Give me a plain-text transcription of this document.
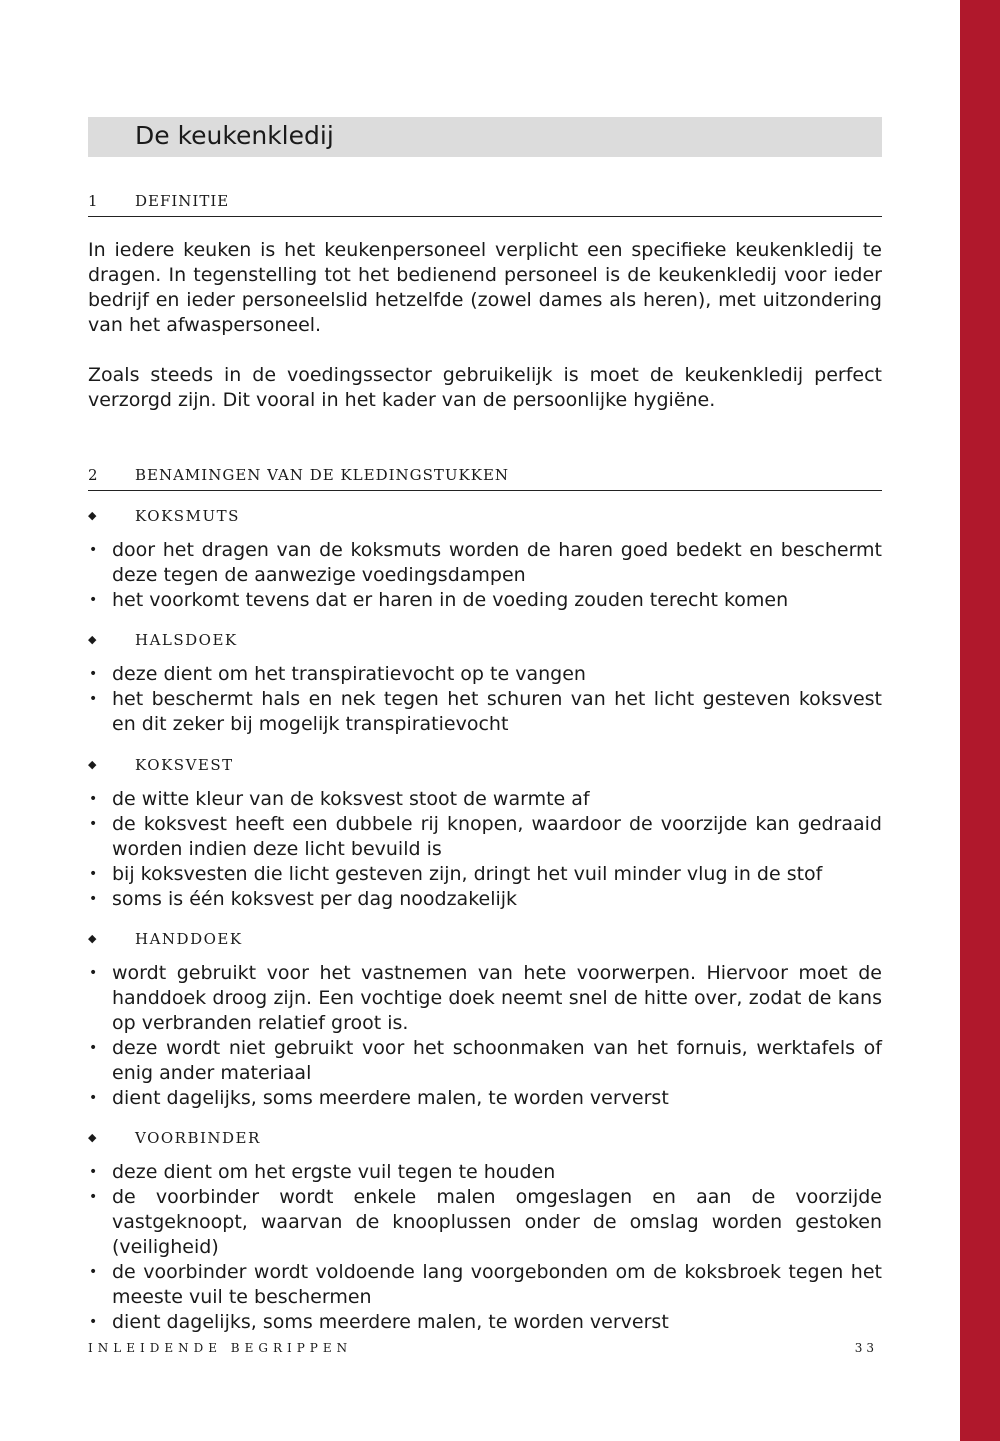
De keukenkledij
1 DEFINITIE

In iedere keuken is het keukenpersoneel verplicht een specifieke keukenkledij te dragen. In tegenstelling tot het bedienend personeel is de keukenkledij voor ieder bedrijf en ieder personeelslid hetzelfde (zowel dames als heren), met uitzondering van het afwaspersoneel.

Zoals steeds in de voedingssector gebruikelijk is moet de keukenkledij perfect verzorgd zijn. Dit vooral in het kader van de persoonlijke hygiëne.

2 BENAMINGEN VAN DE KLEDINGSTUKKEN
◆ KOKSMUTS
• door het dragen van de koksmuts worden de haren goed bedekt en beschermt deze tegen de aanwezige voedingsdampen
• het voorkomt tevens dat er haren in de voeding zouden terecht komen
◆ HALSDOEK
• deze dient om het transpiratievocht op te vangen
• het beschermt hals en nek tegen het schuren van het licht gesteven koksvest en dit zeker bij mogelijk transpiratievocht
◆ KOKSVEST
• de witte kleur van de koksvest stoot de warmte af
• de koksvest heeft een dubbele rij knopen, waardoor de voorzijde kan gedraaid worden indien deze licht bevuild is
• bij koksvesten die licht gesteven zijn, dringt het vuil minder vlug in de stof
• soms is één koksvest per dag noodzakelijk
◆ HANDDOEK
• wordt gebruikt voor het vastnemen van hete voorwerpen. Hiervoor moet de handdoek droog zijn. Een vochtige doek neemt snel de hitte over, zodat de kans op verbranden relatief groot is.
• deze wordt niet gebruikt voor het schoonmaken van het fornuis, werktafels of enig ander materiaal
• dient dagelijks, soms meerdere malen, te worden ververst
◆ VOORBINDER
• deze dient om het ergste vuil tegen te houden
• de voorbinder wordt enkele malen omgeslagen en aan de voorzijde vastgeknoopt, waarvan de knooplussen onder de omslag worden gestoken (veiligheid)
• de voorbinder wordt voldoende lang voorgebonden om de koksbroek tegen het meeste vuil te beschermen
• dient dagelijks, soms meerdere malen, te worden ververst
INLEIDENDE BEGRIPPEN	33
